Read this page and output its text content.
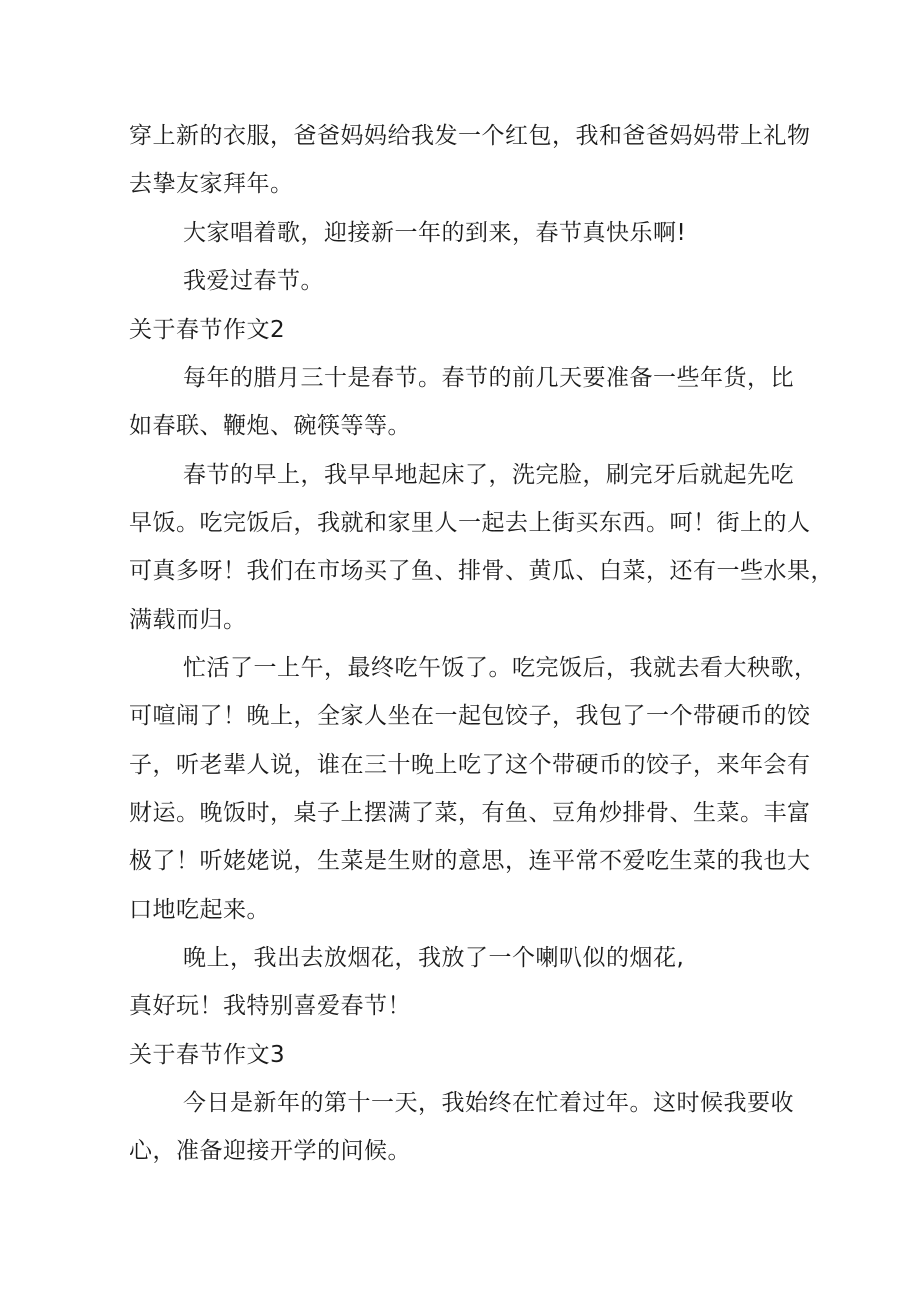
穿上新的衣服，爸爸妈妈给我发一个红包，我和爸爸妈妈带上礼物
去挚友家拜年。
大家唱着歌，迎接新一年的到来，春节真快乐啊!
我爱过春节。
关于春节作文2
每年的腊月三十是春节。春节的前几天要准备一些年货，比
如春联、鞭炮、碗筷等等。
春节的早上，我早早地起床了，洗完脸，刷完牙后就起先吃
早饭。吃完饭后，我就和家里人一起去上街买东西。呵！街上的人
可真多呀！我们在市场买了鱼、排骨、黄瓜、白菜，还有一些水果，
满载而归。
忙活了一上午，最终吃午饭了。吃完饭后，我就去看大秧歌，
可喧闹了！晚上，全家人坐在一起包饺子，我包了一个带硬币的饺
子，听老辈人说，谁在三十晚上吃了这个带硬币的饺子，来年会有
财运。晚饭时，桌子上摆满了菜，有鱼、豆角炒排骨、生菜。丰富
极了！听姥姥说，生菜是生财的意思，连平常不爱吃生菜的我也大
口地吃起来。
晚上，我出去放烟花，我放了一个喇叭似的烟花,
真好玩！我特别喜爱春节！
关于春节作文3
今日是新年的第十一天，我始终在忙着过年。这时候我要收
心，准备迎接开学的问候。
